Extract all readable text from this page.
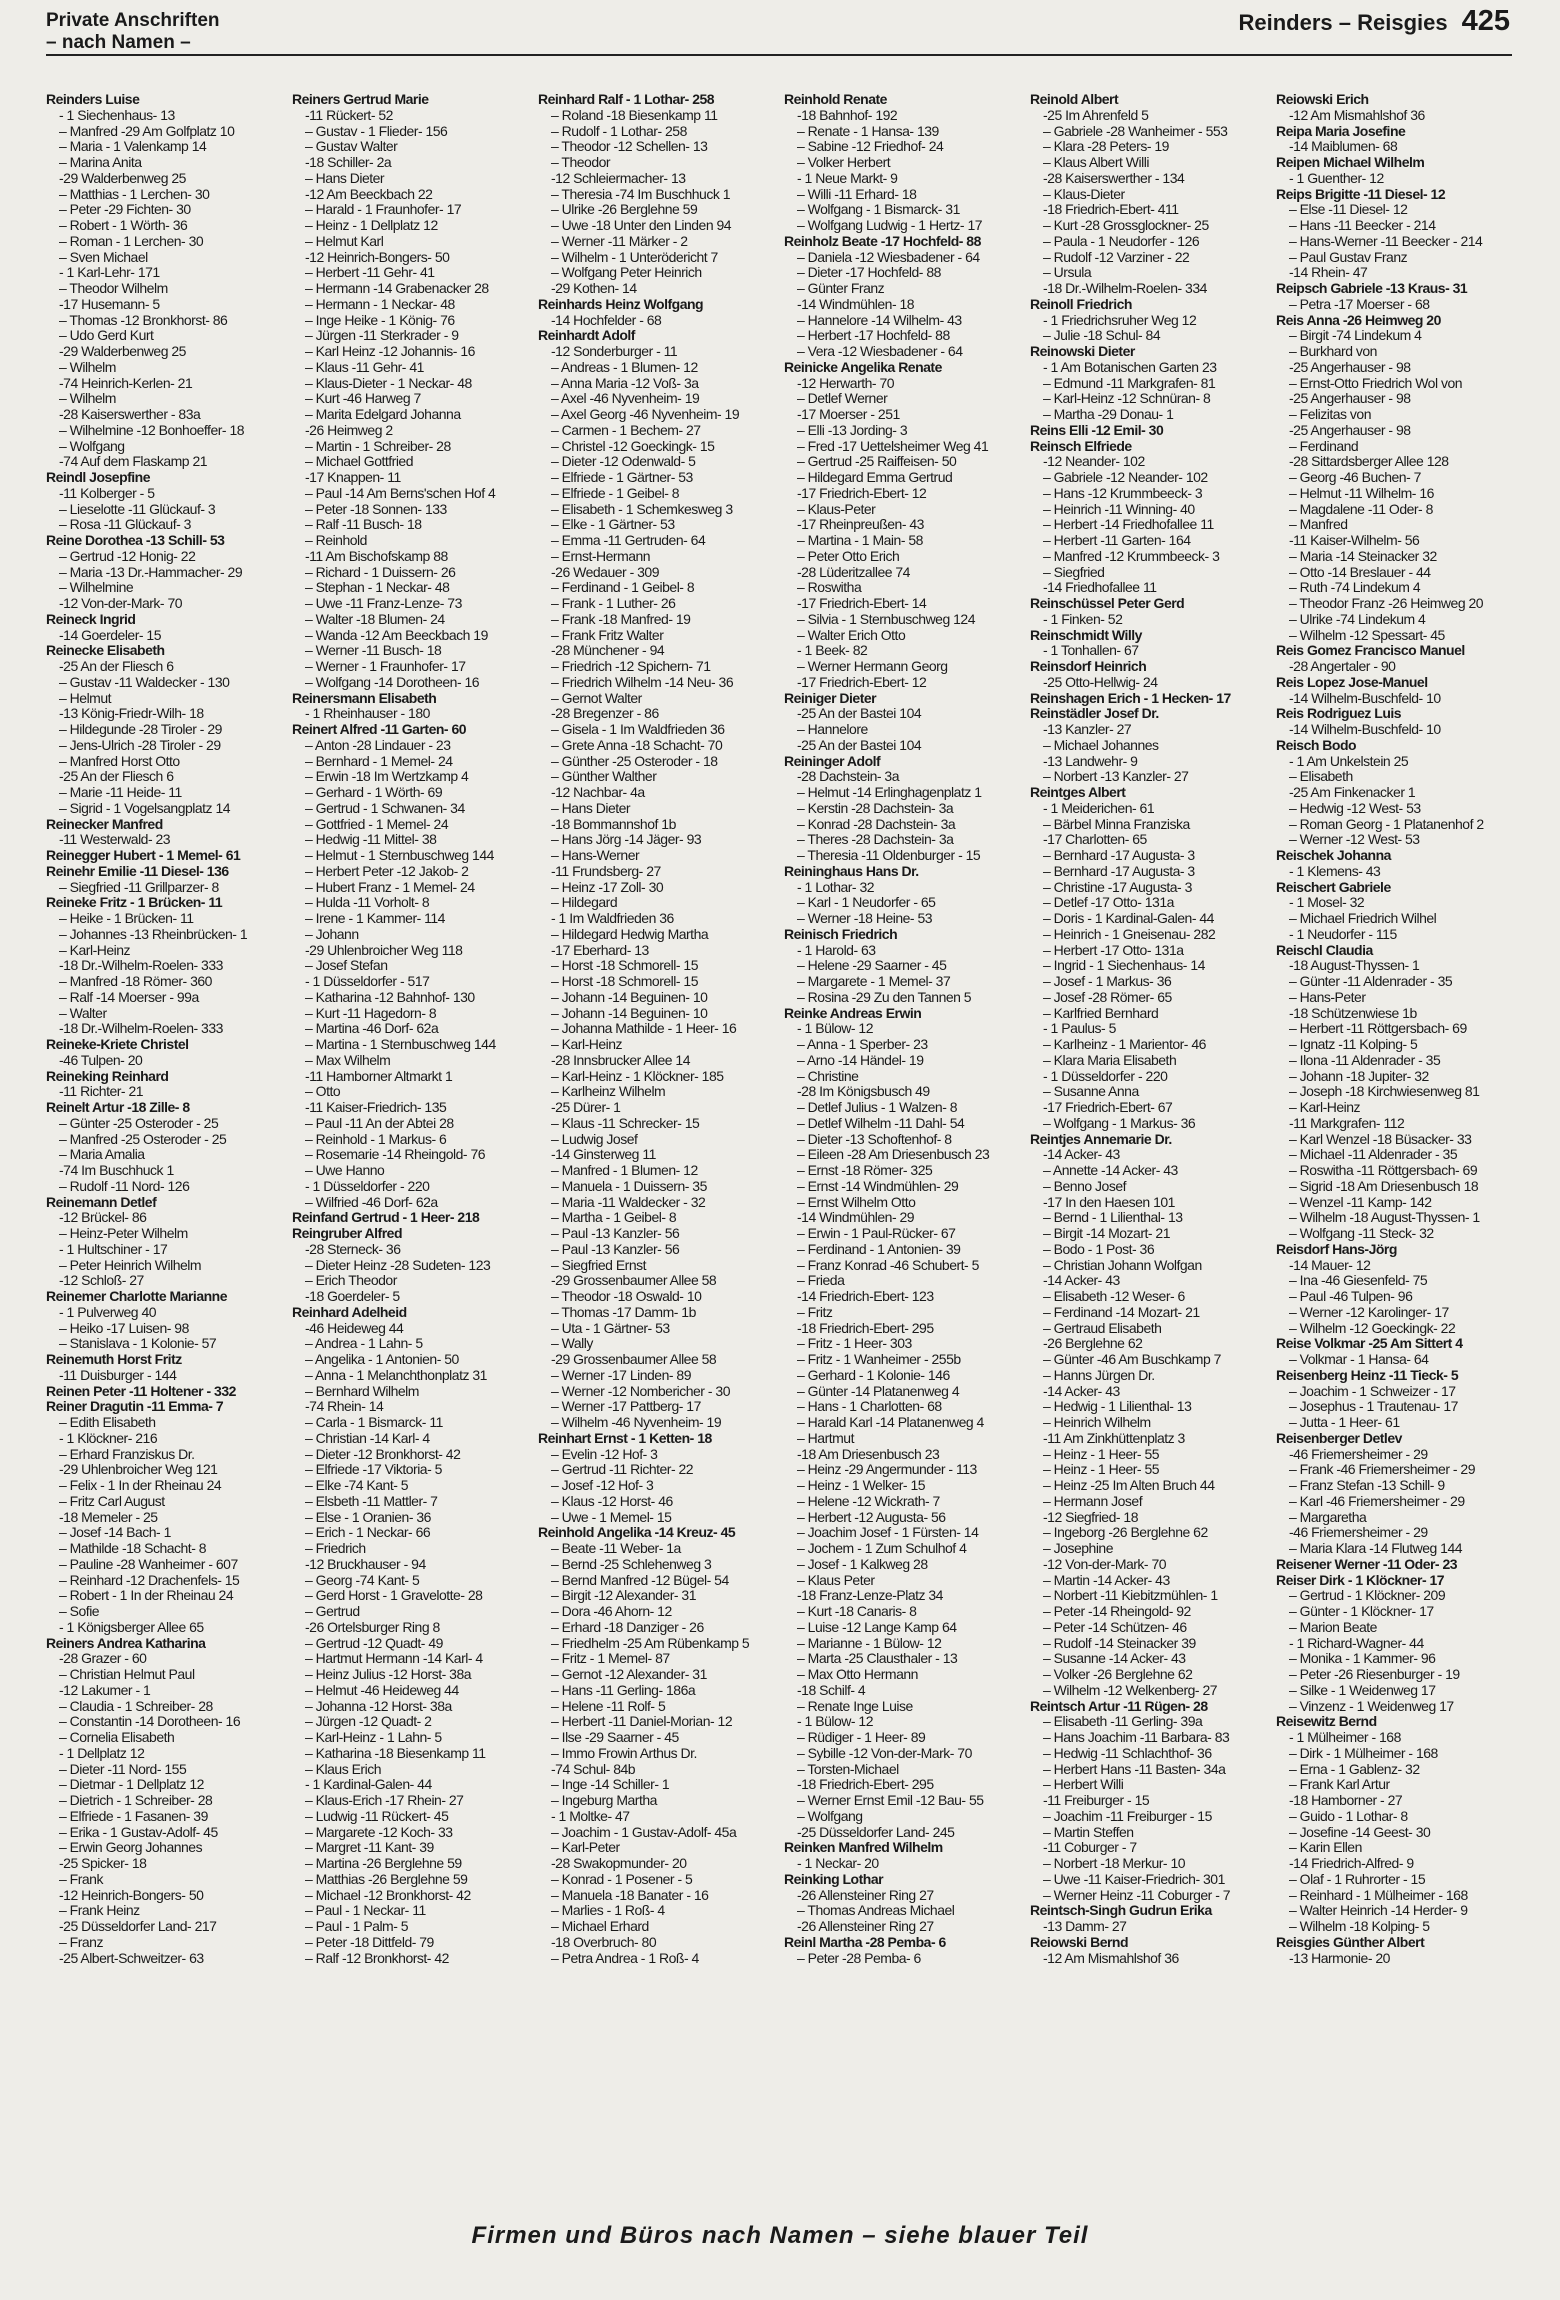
Private Anschriften
– nach Namen –
Reinders – Reisgies 425
Reinders Luise
- 1 Siechenhaus- 13
– Manfred -29 Am Golfplatz 10
– Maria - 1 Valenkamp 14
– Marina Anita
-29 Walderbenweg 25
– Matthias - 1 Lerchen- 30
– Peter -29 Fichten- 30
– Robert - 1 Wörth- 36
– Roman - 1 Lerchen- 30
– Sven Michael
- 1 Karl-Lehr- 171
– Theodor Wilhelm
-17 Husemann- 5
– Thomas -12 Bronkhorst- 86
– Udo Gerd Kurt
-29 Walderbenweg 25
– Wilhelm
-74 Heinrich-Kerlen- 21
– Wilhelm
-28 Kaiserswerther - 83a
– Wilhelmine -12 Bonhoeffer- 18
– Wolfgang
-74 Auf dem Flaskamp 21
Reindl Josepfine
-11 Kolberger - 5
– Lieselotte -11 Glückauf- 3
– Rosa -11 Glückauf- 3
Reine Dorothea -13 Schill- 53
– Gertrud -12 Honig- 22
– Maria -13 Dr.-Hammacher- 29
– Wilhelmine
-12 Von-der-Mark- 70
Reineck Ingrid
-14 Goerdeler- 15
Reinecke Elisabeth
-25 An der Fliesch 6
– Gustav -11 Waldecker - 130
– Helmut
-13 König-Friedr-Wilh- 18
– Hildegunde -28 Tiroler - 29
– Jens-Ulrich -28 Tiroler - 29
– Manfred Horst Otto
-25 An der Fliesch 6
– Marie -11 Heide- 11
– Sigrid - 1 Vogelsangplatz 14
Reinecker Manfred
-11 Westerwald- 23
Reinegger Hubert - 1 Memel- 61
Reinehr Emilie -11 Diesel- 136
– Siegfried -11 Grillparzer- 8
Reineke Fritz - 1 Brücken- 11
– Heike - 1 Brücken- 11
– Johannes -13 Rheinbrücken- 1
– Karl-Heinz
-18 Dr.-Wilhelm-Roelen- 333
– Manfred -18 Römer- 360
– Ralf -14 Moerser - 99a
– Walter
-18 Dr.-Wilhelm-Roelen- 333
Reineke-Kriete Christel
-46 Tulpen- 20
Reineking Reinhard
-11 Richter- 21
Reinelt Artur -18 Zille- 8
– Günter -25 Osteroder - 25
– Manfred -25 Osteroder - 25
– Maria Amalia
-74 Im Buschhuck 1
– Rudolf -11 Nord- 126
Reinemann Detlef
-12 Brückel- 86
– Heinz-Peter Wilhelm
- 1 Hultschiner - 17
– Peter Heinrich Wilhelm
-12 Schloß- 27
Reinemer Charlotte Marianne
- 1 Pulverweg 40
– Heiko -17 Luisen- 98
– Stanislava - 1 Kolonie- 57
Reinemuth Horst Fritz
-11 Duisburger - 144
Reinen Peter -11 Holtener - 332
Reiner Dragutin -11 Emma- 7
– Edith Elisabeth
- 1 Klöckner- 216
– Erhard Franziskus Dr.
-29 Uhlenbroicher Weg 121
– Felix - 1 In der Rheinau 24
– Fritz Carl August
-18 Memeler - 25
– Josef -14 Bach- 1
– Mathilde -18 Schacht- 8
– Pauline -28 Wanheimer - 607
– Reinhard -12 Drachenfels- 15
– Robert - 1 In der Rheinau 24
– Sofie
- 1 Königsberger Allee 65
Reiners Andrea Katharina
-28 Grazer - 60
– Christian Helmut Paul
-12 Lakumer - 1
– Claudia - 1 Schreiber- 28
– Constantin -14 Dorotheen- 16
– Cornelia Elisabeth
- 1 Dellplatz 12
– Dieter -11 Nord- 155
– Dietmar - 1 Dellplatz 12
– Dietrich - 1 Schreiber- 28
– Elfriede - 1 Fasanen- 39
– Erika - 1 Gustav-Adolf- 45
– Erwin Georg Johannes
-25 Spicker- 18
– Frank
-12 Heinrich-Bongers- 50
– Frank Heinz
-25 Düsseldorfer Land- 217
– Franz
-25 Albert-Schweitzer- 63
Reiners Gertrud Marie
-11 Rückert- 52
– Gustav - 1 Flieder- 156
– Gustav Walter
-18 Schiller- 2a
– Hans Dieter
-12 Am Beeckbach 22
– Harald - 1 Fraunhofer- 17
– Heinz - 1 Dellplatz 12
– Helmut Karl
-12 Heinrich-Bongers- 50
– Herbert -11 Gehr- 41
– Hermann -14 Grabenacker 28
– Hermann - 1 Neckar- 48
– Inge Heike - 1 König- 76
– Jürgen -11 Sterkrader - 9
– Karl Heinz -12 Johannis- 16
– Klaus -11 Gehr- 41
– Klaus-Dieter - 1 Neckar- 48
– Kurt -46 Harweg 7
– Marita Edelgard Johanna
-26 Heimweg 2
– Martin - 1 Schreiber- 28
– Michael Gottfried
-17 Knappen- 11
– Paul -14 Am Berns'schen Hof 4
– Peter -18 Sonnen- 133
– Ralf -11 Busch- 18
– Reinhold
-11 Am Bischofskamp 88
– Richard - 1 Duissern- 26
– Stephan - 1 Neckar- 48
– Uwe -11 Franz-Lenze- 73
– Walter -18 Blumen- 24
– Wanda -12 Am Beeckbach 19
– Werner -11 Busch- 18
– Werner - 1 Fraunhofer- 17
– Wolfgang -14 Dorotheen- 16
Reinersmann Elisabeth
- 1 Rheinhauser - 180
Reinert Alfred -11 Garten- 60
– Anton -28 Lindauer - 23
– Bernhard - 1 Memel- 24
– Erwin -18 Im Wertzkamp 4
– Gerhard - 1 Wörth- 69
– Gertrud - 1 Schwanen- 34
– Gottfried - 1 Memel- 24
– Hedwig -11 Mittel- 38
– Helmut - 1 Sternbuschweg 144
– Herbert Peter -12 Jakob- 2
– Hubert Franz - 1 Memel- 24
– Hulda -11 Vorholt- 8
– Irene - 1 Kammer- 114
– Johann
-29 Uhlenbroicher Weg 118
– Josef Stefan
- 1 Düsseldorfer - 517
– Katharina -12 Bahnhof- 130
– Kurt -11 Hagedorn- 8
– Martina -46 Dorf- 62a
– Martina - 1 Sternbuschweg 144
– Max Wilhelm
-11 Hamborner Altmarkt 1
– Otto
-11 Kaiser-Friedrich- 135
– Paul -11 An der Abtei 28
– Reinhold - 1 Markus- 6
– Rosemarie -14 Rheingold- 76
– Uwe Hanno
- 1 Düsseldorfer - 220
– Wilfried -46 Dorf- 62a
Reinfand Gertrud - 1 Heer- 218
Reingruber Alfred
-28 Sterneck- 36
– Dieter Heinz -28 Sudeten- 123
– Erich Theodor
-18 Goerdeler- 5
Reinhard Adelheid
-46 Heideweg 44
– Andrea - 1 Lahn- 5
– Angelika - 1 Antonien- 50
– Anna - 1 Melanchthonplatz 31
– Bernhard Wilhelm
-74 Rhein- 14
– Carla - 1 Bismarck- 11
– Christian -14 Karl- 4
– Dieter -12 Bronkhorst- 42
– Elfriede -17 Viktoria- 5
– Elke -74 Kant- 5
– Elsbeth -11 Mattler- 7
– Else - 1 Oranien- 36
– Erich - 1 Neckar- 66
– Friedrich
-12 Bruckhauser - 94
– Georg -74 Kant- 5
– Gerd Horst - 1 Gravelotte- 28
– Gertrud
-26 Ortelsburger Ring 8
– Gertrud -12 Quadt- 49
– Hartmut Hermann -14 Karl- 4
– Heinz Julius -12 Horst- 38a
– Helmut -46 Heideweg 44
– Johanna -12 Horst- 38a
– Jürgen -12 Quadt- 2
– Karl-Heinz - 1 Lahn- 5
– Katharina -18 Biesenkamp 11
– Klaus Erich
- 1 Kardinal-Galen- 44
– Klaus-Erich -17 Rhein- 27
– Ludwig -11 Rückert- 45
– Margarete -12 Koch- 33
– Margret -11 Kant- 39
– Martina -26 Berglehne 59
– Matthias -26 Berglehne 59
– Michael -12 Bronkhorst- 42
– Paul - 1 Neckar- 11
– Paul - 1 Palm- 5
– Peter -18 Dittfeld- 79
– Ralf -12 Bronkhorst- 42
Reinhard Ralf - 1 Lothar- 258
– Roland -18 Biesenkamp 11
– Rudolf - 1 Lothar- 258
– Theodor -12 Schellen- 13
– Theodor
-12 Schleiermacher- 13
– Theresia -74 Im Buschhuck 1
– Ulrike -26 Berglehne 59
– Uwe -18 Unter den Linden 94
– Werner -11 Märker - 2
– Wilhelm - 1 Unterödericht 7
– Wolfgang Peter Heinrich
-29 Kothen- 14
Reinhards Heinz Wolfgang
-14 Hochfelder - 68
Reinhardt Adolf
-12 Sonderburger - 11
– Andreas - 1 Blumen- 12
– Anna Maria -12 Voß- 3a
– Axel -46 Nyvenheim- 19
– Axel Georg -46 Nyvenheim- 19
– Carmen - 1 Bechem- 27
– Christel -12 Goeckingk- 15
– Dieter -12 Odenwald- 5
– Elfriede - 1 Gärtner- 53
– Elfriede - 1 Geibel- 8
– Elisabeth - 1 Schemkesweg 3
– Elke - 1 Gärtner- 53
– Emma -11 Gertruden- 64
– Ernst-Hermann
-26 Wedauer - 309
– Ferdinand - 1 Geibel- 8
– Frank - 1 Luther- 26
– Frank -18 Manfred- 19
– Frank Fritz Walter
-28 Münchener - 94
– Friedrich -12 Spichern- 71
– Friedrich Wilhelm -14 Neu- 36
– Gernot Walter
-28 Bregenzer - 86
– Gisela - 1 Im Waldfrieden 36
– Grete Anna -18 Schacht- 70
– Günther -25 Osteroder - 18
– Günther Walther
-12 Nachbar- 4a
– Hans Dieter
-18 Bommannshof 1b
– Hans Jörg -14 Jäger- 93
– Hans-Werner
-11 Frundsberg- 27
– Heinz -17 Zoll- 30
– Hildegard
- 1 Im Waldfrieden 36
– Hildegard Hedwig Martha
-17 Eberhard- 13
– Horst -18 Schmorell- 15
– Horst -18 Schmorell- 15
– Johann -14 Beguinen- 10
– Johann -14 Beguinen- 10
– Johanna Mathilde - 1 Heer- 16
– Karl-Heinz
-28 Innsbrucker Allee 14
– Karl-Heinz - 1 Klöckner- 185
– Karlheinz Wilhelm
-25 Dürer- 1
– Klaus -11 Schrecker- 15
– Ludwig Josef
-14 Ginsterweg 11
– Manfred - 1 Blumen- 12
– Manuela - 1 Duissern- 35
– Maria -11 Waldecker - 32
– Martha - 1 Geibel- 8
– Paul -13 Kanzler- 56
– Paul -13 Kanzler- 56
– Siegfried Ernst
-29 Grossenbaumer Allee 58
– Theodor -18 Oswald- 10
– Thomas -17 Damm- 1b
– Uta - 1 Gärtner- 53
– Wally
-29 Grossenbaumer Allee 58
– Werner -17 Linden- 89
– Werner -12 Nombericher - 30
– Werner -17 Pattberg- 17
– Wilhelm -46 Nyvenheim- 19
Reinhart Ernst - 1 Ketten- 18
– Evelin -12 Hof- 3
– Gertrud -11 Richter- 22
– Josef -12 Hof- 3
– Klaus -12 Horst- 46
– Uwe - 1 Memel- 15
Reinhold Angelika -14 Kreuz- 45
– Beate -11 Weber- 1a
– Bernd -25 Schlehenweg 3
– Bernd Manfred -12 Bügel- 54
– Birgit -12 Alexander- 31
– Dora -46 Ahorn- 12
– Erhard -18 Danziger - 26
– Friedhelm -25 Am Rübenkamp 5
– Fritz - 1 Memel- 87
– Gernot -12 Alexander- 31
– Hans -11 Gerling- 186a
– Helene -11 Rolf- 5
– Herbert -11 Daniel-Morian- 12
– Ilse -29 Saarner - 45
– Immo Frowin Arthus Dr.
-74 Schul- 84b
– Inge -14 Schiller- 1
– Ingeburg Martha
- 1 Moltke- 47
– Joachim - 1 Gustav-Adolf- 45a
– Karl-Peter
-28 Swakopmunder- 20
– Konrad - 1 Posener - 5
– Manuela -18 Banater - 16
– Marlies - 1 Roß- 4
– Michael Erhard
-18 Overbruch- 80
– Petra Andrea - 1 Roß- 4
Reinhold Renate
-18 Bahnhof- 192
– Renate - 1 Hansa- 139
– Sabine -12 Friedhof- 24
– Volker Herbert
- 1 Neue Markt- 9
– Willi -11 Erhard- 18
– Wolfgang - 1 Bismarck- 31
– Wolfgang Ludwig - 1 Hertz- 17
Reinholz Beate -17 Hochfeld- 88
– Daniela -12 Wiesbadener - 64
– Dieter -17 Hochfeld- 88
– Günter Franz
-14 Windmühlen- 18
– Hannelore -14 Wilhelm- 43
– Herbert -17 Hochfeld- 88
– Vera -12 Wiesbadener - 64
Reinicke Angelika Renate
-12 Herwarth- 70
– Detlef Werner
-17 Moerser - 251
– Elli -13 Jording- 3
– Fred -17 Uettelsheimer Weg 41
– Gertrud -25 Raiffeisen- 50
– Hildegard Emma Gertrud
-17 Friedrich-Ebert- 12
– Klaus-Peter
-17 Rheinpreußen- 43
– Martina - 1 Main- 58
– Peter Otto Erich
-28 Lüderitzallee 74
– Roswitha
-17 Friedrich-Ebert- 14
– Silvia - 1 Sternbuschweg 124
– Walter Erich Otto
- 1 Beek- 82
– Werner Hermann Georg
-17 Friedrich-Ebert- 12
Reiniger Dieter
-25 An der Bastei 104
– Hannelore
-25 An der Bastei 104
Reininger Adolf
-28 Dachstein- 3a
– Helmut -14 Erlinghagenplatz 1
– Kerstin -28 Dachstein- 3a
– Konrad -28 Dachstein- 3a
– Theres -28 Dachstein- 3a
– Theresia -11 Oldenburger - 15
Reininghaus Hans Dr.
- 1 Lothar- 32
– Karl - 1 Neudorfer - 65
– Werner -18 Heine- 53
Reinisch Friedrich
- 1 Harold- 63
– Helene -29 Saarner - 45
– Margarete - 1 Memel- 37
– Rosina -29 Zu den Tannen 5
Reinke Andreas Erwin
- 1 Bülow- 12
– Anna - 1 Sperber- 23
– Arno -14 Händel- 19
– Christine
-28 Im Königsbusch 49
– Detlef Julius - 1 Walzen- 8
– Detlef Wilhelm -11 Dahl- 54
– Dieter -13 Schoftenhof- 8
– Eileen -28 Am Driesenbusch 23
– Ernst -18 Römer- 325
– Ernst -14 Windmühlen- 29
– Ernst Wilhelm Otto
-14 Windmühlen- 29
– Erwin - 1 Paul-Rücker- 67
– Ferdinand - 1 Antonien- 39
– Franz Konrad -46 Schubert- 5
– Frieda
-14 Friedrich-Ebert- 123
– Fritz
-18 Friedrich-Ebert- 295
– Fritz - 1 Heer- 303
– Fritz - 1 Wanheimer - 255b
– Gerhard - 1 Kolonie- 146
– Günter -14 Platanenweg 4
– Hans - 1 Charlotten- 68
– Harald Karl -14 Platanenweg 4
– Hartmut
-18 Am Driesenbusch 23
– Heinz -29 Angermunder - 113
– Heinz - 1 Welker- 15
– Helene -12 Wickrath- 7
– Herbert -12 Augusta- 56
– Joachim Josef - 1 Fürsten- 14
– Jochem - 1 Zum Schulhof 4
– Josef - 1 Kalkweg 28
– Klaus Peter
-18 Franz-Lenze-Platz 34
– Kurt -18 Canaris- 8
– Luise -12 Lange Kamp 64
– Marianne - 1 Bülow- 12
– Marta -25 Clausthaler - 13
– Max Otto Hermann
-18 Schilf- 4
– Renate Inge Luise
- 1 Bülow- 12
– Rüdiger - 1 Heer- 89
– Sybille -12 Von-der-Mark- 70
– Torsten-Michael
-18 Friedrich-Ebert- 295
– Werner Ernst Emil -12 Bau- 55
– Wolfgang
-25 Düsseldorfer Land- 245
Reinken Manfred Wilhelm
- 1 Neckar- 20
Reinking Lothar
-26 Allensteiner Ring 27
– Thomas Andreas Michael
-26 Allensteiner Ring 27
Reinl Martha -28 Pemba- 6
– Peter -28 Pemba- 6
Reinold Albert
-25 Im Ahrenfeld 5
– Gabriele -28 Wanheimer - 553
– Klara -28 Peters- 19
– Klaus Albert Willi
-28 Kaiserswerther - 134
– Klaus-Dieter
-18 Friedrich-Ebert- 411
– Kurt -28 Grossglockner- 25
– Paula - 1 Neudorfer - 126
– Rudolf -12 Varziner - 22
– Ursula
-18 Dr.-Wilhelm-Roelen- 334
Reinoll Friedrich
- 1 Friedrichsruher Weg 12
– Julie -18 Schul- 84
Reinowski Dieter
- 1 Am Botanischen Garten 23
– Edmund -11 Markgrafen- 81
– Karl-Heinz -12 Schnüran- 8
– Martha -29 Donau- 1
Reins Elli -12 Emil- 30
Reinsch Elfriede
-12 Neander- 102
– Gabriele -12 Neander- 102
– Hans -12 Krummbeeck- 3
– Heinrich -11 Winning- 40
– Herbert -14 Friedhofallee 11
– Herbert -11 Garten- 164
– Manfred -12 Krummbeeck- 3
– Siegfried
-14 Friedhofallee 11
Reinschüssel Peter Gerd
- 1 Finken- 52
Reinschmidt Willy
- 1 Tonhallen- 67
Reinsdorf Heinrich
-25 Otto-Hellwig- 24
Reinshagen Erich - 1 Hecken- 17
Reinstädler Josef Dr.
-13 Kanzler- 27
– Michael Johannes
-13 Landwehr- 9
– Norbert -13 Kanzler- 27
Reintges Albert
- 1 Meiderichen- 61
– Bärbel Minna Franziska
-17 Charlotten- 65
– Bernhard -17 Augusta- 3
– Bernhard -17 Augusta- 3
– Christine -17 Augusta- 3
– Detlef -17 Otto- 131a
– Doris - 1 Kardinal-Galen- 44
– Heinrich - 1 Gneisenau- 282
– Herbert -17 Otto- 131a
– Ingrid - 1 Siechenhaus- 14
– Josef - 1 Markus- 36
– Josef -28 Römer- 65
– Karlfried Bernhard
- 1 Paulus- 5
– Karlheinz - 1 Marientor- 46
– Klara Maria Elisabeth
- 1 Düsseldorfer - 220
– Susanne Anna
-17 Friedrich-Ebert- 67
– Wolfgang - 1 Markus- 36
Reintjes Annemarie Dr.
-14 Acker- 43
– Annette -14 Acker- 43
– Benno Josef
-17 In den Haesen 101
– Bernd - 1 Lilienthal- 13
– Birgit -14 Mozart- 21
– Bodo - 1 Post- 36
– Christian Johann Wolfgan
-14 Acker- 43
– Elisabeth -12 Weser- 6
– Ferdinand -14 Mozart- 21
– Gertraud Elisabeth
-26 Berglehne 62
– Günter -46 Am Buschkamp 7
– Hanns Jürgen Dr.
-14 Acker- 43
– Hedwig - 1 Lilienthal- 13
– Heinrich Wilhelm
-11 Am Zinkhüttenplatz 3
– Heinz - 1 Heer- 55
– Heinz - 1 Heer- 55
– Heinz -25 Im Alten Bruch 44
– Hermann Josef
-12 Siegfried- 18
– Ingeborg -26 Berglehne 62
– Josephine
-12 Von-der-Mark- 70
– Martin -14 Acker- 43
– Norbert -11 Kiebitzmühlen- 1
– Peter -14 Rheingold- 92
– Peter -14 Schützen- 46
– Rudolf -14 Steinacker 39
– Susanne -14 Acker- 43
– Volker -26 Berglehne 62
– Wilhelm -12 Welkenberg- 27
Reintsch Artur -11 Rügen- 28
– Elisabeth -11 Gerling- 39a
– Hans Joachim -11 Barbara- 83
– Hedwig -11 Schlachthof- 36
– Herbert Hans -11 Basten- 34a
– Herbert Willi
-11 Freiburger - 15
– Joachim -11 Freiburger - 15
– Martin Steffen
-11 Coburger - 7
– Norbert -18 Merkur- 10
– Uwe -11 Kaiser-Friedrich- 301
– Werner Heinz -11 Coburger - 7
Reintsch-Singh Gudrun Erika
-13 Damm- 27
Reiowski Bernd
-12 Am Mismahlshof 36
Reiowski Erich
-12 Am Mismahlshof 36
Reipa Maria Josefine
-14 Maiblumen- 68
Reipen Michael Wilhelm
- 1 Guenther- 12
Reips Brigitte -11 Diesel- 12
– Else -11 Diesel- 12
– Hans -11 Beecker - 214
– Hans-Werner -11 Beecker - 214
– Paul Gustav Franz
-14 Rhein- 47
Reipsch Gabriele -13 Kraus- 31
– Petra -17 Moerser - 68
Reis Anna -26 Heimweg 20
– Birgit -74 Lindekum 4
– Burkhard von
-25 Angerhauser - 98
– Ernst-Otto Friedrich Wol von
-25 Angerhauser - 98
– Felizitas von
-25 Angerhauser - 98
– Ferdinand
-28 Sittardsberger Allee 128
– Georg -46 Buchen- 7
– Helmut -11 Wilhelm- 16
– Magdalene -11 Oder- 8
– Manfred
-11 Kaiser-Wilhelm- 56
– Maria -14 Steinacker 32
– Otto -14 Breslauer - 44
– Ruth -74 Lindekum 4
– Theodor Franz -26 Heimweg 20
– Ulrike -74 Lindekum 4
– Wilhelm -12 Spessart- 45
Reis Gomez Francisco Manuel
-28 Angertaler - 90
Reis Lopez Jose-Manuel
-14 Wilhelm-Buschfeld- 10
Reis Rodriguez Luis
-14 Wilhelm-Buschfeld- 10
Reisch Bodo
- 1 Am Unkelstein 25
– Elisabeth
-25 Am Finkenacker 1
– Hedwig -12 West- 53
– Roman Georg - 1 Platanenhof 2
– Werner -12 West- 53
Reischek Johanna
- 1 Klemens- 43
Reischert Gabriele
- 1 Mosel- 32
– Michael Friedrich Wilhel
- 1 Neudorfer - 115
Reischl Claudia
-18 August-Thyssen- 1
– Günter -11 Aldenrader - 35
– Hans-Peter
-18 Schützenwiese 1b
– Herbert -11 Röttgersbach- 69
– Ignatz -11 Kolping- 5
– Ilona -11 Aldenrader - 35
– Johann -18 Jupiter- 32
– Joseph -18 Kirchwiesenweg 81
– Karl-Heinz
-11 Markgrafen- 112
– Karl Wenzel -18 Büsacker- 33
– Michael -11 Aldenrader - 35
– Roswitha -11 Röttgersbach- 69
– Sigrid -18 Am Driesenbusch 18
– Wenzel -11 Kamp- 142
– Wilhelm -18 August-Thyssen- 1
– Wolfgang -11 Steck- 32
Reisdorf Hans-Jörg
-14 Mauer- 12
– Ina -46 Giesenfeld- 75
– Paul -46 Tulpen- 96
– Werner -12 Karolinger- 17
– Wilhelm -12 Goeckingk- 22
Reise Volkmar -25 Am Sittert 4
– Volkmar - 1 Hansa- 64
Reisenberg Heinz -11 Tieck- 5
– Joachim - 1 Schweizer - 17
– Josephus - 1 Trautenau- 17
– Jutta - 1 Heer- 61
Reisenberger Detlev
-46 Friemersheimer - 29
– Frank -46 Friemersheimer - 29
– Franz Stefan -13 Schill- 9
– Karl -46 Friemersheimer - 29
– Margaretha
-46 Friemersheimer - 29
– Maria Klara -14 Flutweg 144
Reisener Werner -11 Oder- 23
Reiser Dirk - 1 Klöckner- 17
– Gertrud - 1 Klöckner- 209
– Günter - 1 Klöckner- 17
– Marion Beate
- 1 Richard-Wagner- 44
– Monika - 1 Kammer- 96
– Peter -26 Riesenburger - 19
– Silke - 1 Weidenweg 17
– Vinzenz - 1 Weidenweg 17
Reisewitz Bernd
- 1 Mülheimer - 168
– Dirk - 1 Mülheimer - 168
– Erna - 1 Gablenz- 32
– Frank Karl Artur
-18 Hamborner - 27
– Guido - 1 Lothar- 8
– Josefine -14 Geest- 30
– Karin Ellen
-14 Friedrich-Alfred- 9
– Olaf - 1 Ruhrorter - 15
– Reinhard - 1 Mülheimer - 168
– Walter Heinrich -14 Herder- 9
– Wilhelm -18 Kolping- 5
Reisgies Günther Albert
-13 Harmonie- 20
Firmen und Büros nach Namen – siehe blauer Teil
